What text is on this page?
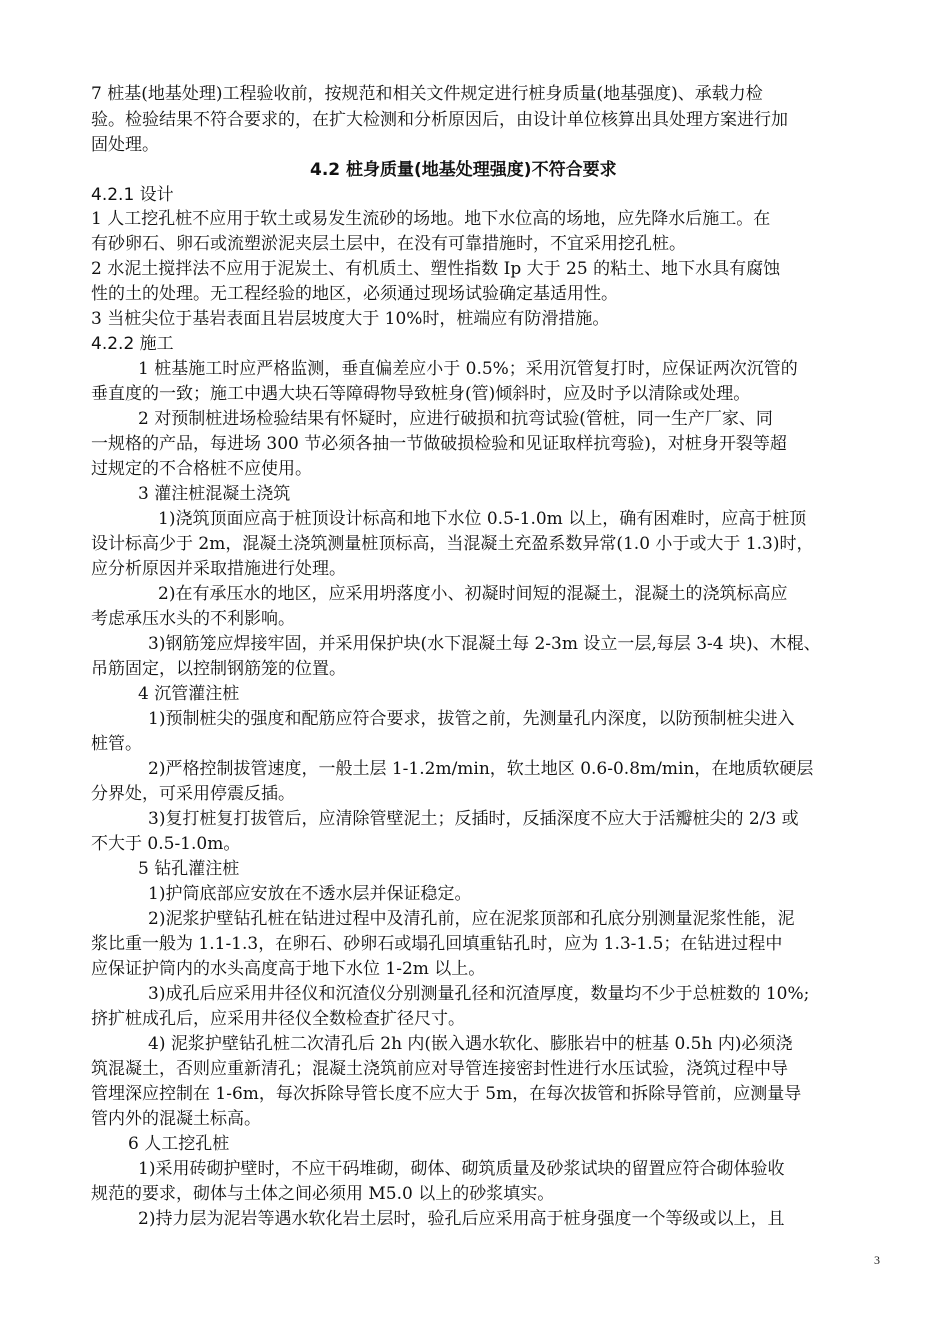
7 桩基(地基处理)工程验收前，按规范和相关文件规定进行桩身质量(地基强度)、承载力检
验。检验结果不符合要求的，在扩大检测和分析原因后，由设计单位核算出具处理方案进行加
固处理。
4.2 桩身质量(地基处理强度)不符合要求
4.2.1 设计
1 人工挖孔桩不应用于软土或易发生流砂的场地。地下水位高的场地，应先降水后施工。在
有砂卵石、卵石或流塑淤泥夹层土层中，在没有可靠措施时，不宜采用挖孔桩。
2 水泥土搅拌法不应用于泥炭土、有机质土、塑性指数 Ip 大于 25 的粘土、地下水具有腐蚀
性的土的处理。无工程经验的地区，必须通过现场试验确定基适用性。
3 当桩尖位于基岩表面且岩层坡度大于 10%时，桩端应有防滑措施。
4.2.2 施工
1 桩基施工时应严格监测，垂直偏差应小于 0.5%；采用沉管复打时，应保证两次沉管的
垂直度的一致；施工中遇大块石等障碍物导致桩身(管)倾斜时，应及时予以清除或处理。
2 对预制桩进场检验结果有怀疑时，应进行破损和抗弯试验(管桩，同一生产厂家、同
一规格的产品，每进场 300 节必须各抽一节做破损检验和见证取样抗弯验)，对桩身开裂等超
过规定的不合格桩不应使用。
3 灌注桩混凝土浇筑
1)浇筑顶面应高于桩顶设计标高和地下水位 0.5-1.0m 以上，确有困难时，应高于桩顶
设计标高少于 2m，混凝土浇筑测量桩顶标高，当混凝土充盈系数异常(1.0 小于或大于 1.3)时，
应分析原因并采取措施进行处理。
2)在有承压水的地区，应采用坍落度小、初凝时间短的混凝土，混凝土的浇筑标高应
考虑承压水头的不利影响。
3)钢筋笼应焊接牢固，并采用保护块(水下混凝土每 2-3m 设立一层,每层 3-4 块)、木棍、
吊筋固定，以控制钢筋笼的位置。
4 沉管灌注桩
1)预制桩尖的强度和配筋应符合要求，拔管之前，先测量孔内深度，以防预制桩尖进入
桩管。
2)严格控制拔管速度，一般土层 1-1.2m/min，软土地区 0.6-0.8m/min，在地质软硬层
分界处，可采用停震反插。
3)复打桩复打拔管后，应清除管壁泥土；反插时，反插深度不应大于活瓣桩尖的 2/3 或
不大于 0.5-1.0m。
5 钻孔灌注桩
1)护筒底部应安放在不透水层并保证稳定。
2)泥浆护壁钻孔桩在钻进过程中及清孔前，应在泥浆顶部和孔底分别测量泥浆性能，泥
浆比重一般为 1.1-1.3，在卵石、砂卵石或塌孔回填重钻孔时，应为 1.3-1.5；在钻进过程中
应保证护筒内的水头高度高于地下水位 1-2m 以上。
3)成孔后应采用井径仪和沉渣仪分别测量孔径和沉渣厚度，数量均不少于总桩数的 10%;
挤扩桩成孔后，应采用井径仪全数检查扩径尺寸。
4) 泥浆护壁钻孔桩二次清孔后 2h 内(嵌入遇水软化、膨胀岩中的桩基 0.5h 内)必须浇
筑混凝土，否则应重新清孔；混凝土浇筑前应对导管连接密封性进行水压试验，浇筑过程中导
管埋深应控制在 1-6m，每次拆除导管长度不应大于 5m，在每次拔管和拆除导管前，应测量导
管内外的混凝土标高。
6 人工挖孔桩
1)采用砖砌护壁时，不应干码堆砌，砌体、砌筑质量及砂浆试块的留置应符合砌体验收
规范的要求，砌体与土体之间必须用 M5.0 以上的砂浆填实。
2)持力层为泥岩等遇水软化岩土层时，验孔后应采用高于桩身强度一个等级或以上，且
3
